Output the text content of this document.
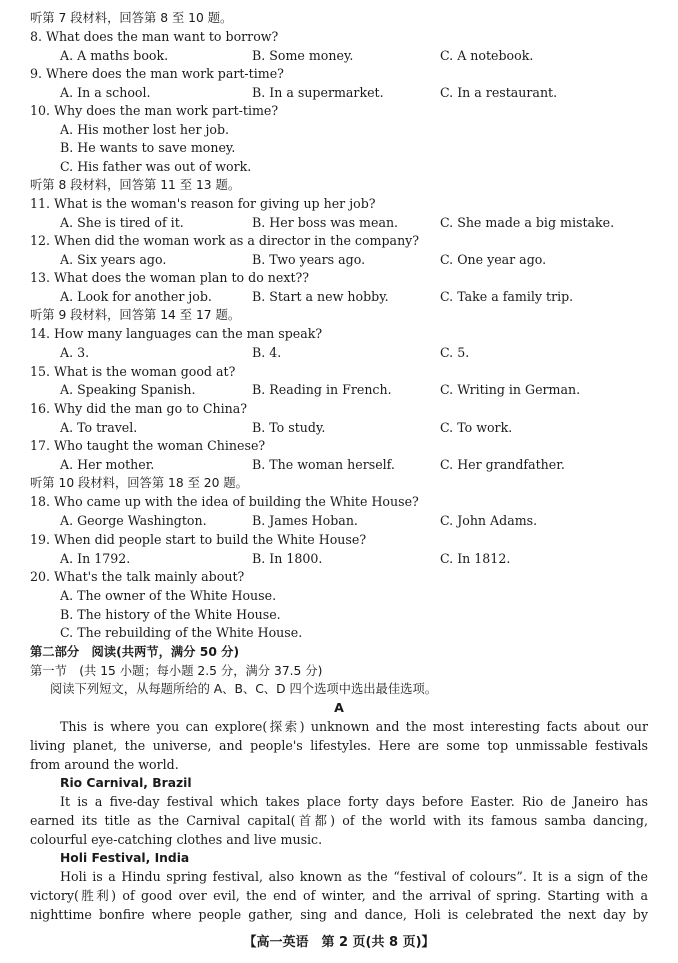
听第 7 段材料，回答第 8 至 10 题。
8. What does the man want to borrow?
A. A maths book.	B. Some money.	C. A notebook.
9. Where does the man work part-time?
A. In a school.	B. In a supermarket.	C. In a restaurant.
10. Why does the man work part-time?
A. His mother lost her job.
B. He wants to save money.
C. His father was out of work.
听第 8 段材料，回答第 11 至 13 题。
11. What is the woman's reason for giving up her job?
A. She is tired of it.	B. Her boss was mean.	C. She made a big mistake.
12. When did the woman work as a director in the company?
A. Six years ago.	B. Two years ago.	C. One year ago.
13. What does the woman plan to do next??
A. Look for another job.	B. Start a new hobby.	C. Take a family trip.
听第 9 段材料，回答第 14 至 17 题。
14. How many languages can the man speak?
A. 3.	B. 4.	C. 5.
15. What is the woman good at?
A. Speaking Spanish.	B. Reading in French.	C. Writing in German.
16. Why did the man go to China?
A. To travel.	B. To study.	C. To work.
17. Who taught the woman Chinese?
A. Her mother.	B. The woman herself.	C. Her grandfather.
听第 10 段材料，回答第 18 至 20 题。
18. Who came up with the idea of building the White House?
A. George Washington.	B. James Hoban.	C. John Adams.
19. When did people start to build the White House?
A. In 1792.	B. In 1800.	C. In 1812.
20. What's the talk mainly about?
A. The owner of the White House.
B. The history of the White House.
C. The rebuilding of the White House.
第二部分　阅读(共两节，满分 50 分)
第一节　(共 15 小题；每小题 2.5 分，满分 37.5 分)
阅读下列短文，从每题所给的 A、B、C、D 四个选项中选出最佳选项。
A
This is where you can explore(探索) unknown and the most interesting facts about our
living planet, the universe, and people's lifestyles. Here are some top unmissable festivals
from around the world.
Rio Carnival, Brazil
It is a five-day festival which takes place forty days before Easter. Rio de Janeiro has
earned its title as the Carnival capital(首都) of the world with its famous samba dancing,
colourful eye-catching clothes and live music.
Holi Festival, India
Holi is a Hindu spring festival, also known as the “festival of colours”. It is a sign of the
victory(胜利) of good over evil, the end of winter, and the arrival of spring. Starting with a
nighttime bonfire where people gather, sing and dance, Holi is celebrated the next day by
【高一英语　第 2 页(共 8 页)】
